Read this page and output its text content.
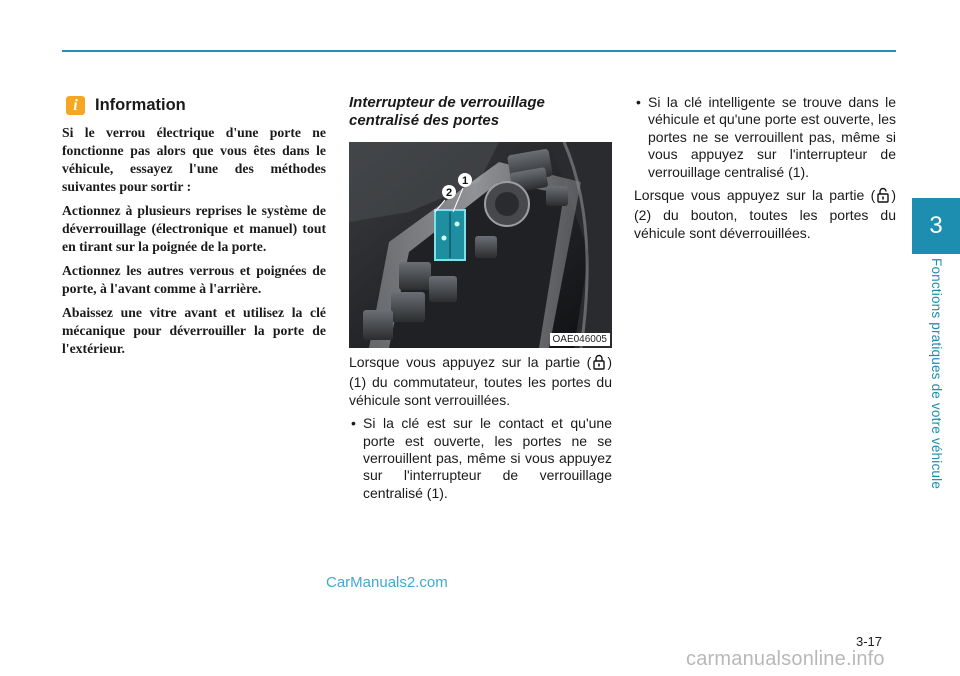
3
Fonctions pratiques de votre véhicule
i	Information

Si le verrou électrique d'une porte ne fonctionne pas alors que vous êtes dans le véhicule, essayez l'une des méthodes suivantes pour sortir :

Actionnez à plusieurs reprises le système de déverrouillage (électronique et manuel) tout en tirant sur la poignée de la porte.

Actionnez les autres verrous et poignées de porte, à l'avant comme à l'arrière.

Abaissez une vitre avant et utilisez la clé mécanique pour déverrouiller la porte de l'extérieur.

Interrupteur de verrouillage centralisé des portes
2
1
OAE046005

Lorsque vous appuyez sur la partie ( ) (1) du commutateur, toutes les portes du véhicule sont verrouillées.

• Si la clé est sur le contact et qu'une porte est ouverte, les portes ne se verrouillent pas, même si vous appuyez sur l'interrupteur de verrouillage centralisé (1).
• Si la clé intelligente se trouve dans le véhicule et qu'une porte est ouverte, les portes ne se verrouillent pas, même si vous appuyez sur l'interrupteur de verrouillage centralisé (1).

Lorsque vous appuyez sur la partie ( ) (2) du bouton, toutes les portes du véhicule sont déverrouillées.

3-17
CarManuals2.com
carmanualsonline.info
